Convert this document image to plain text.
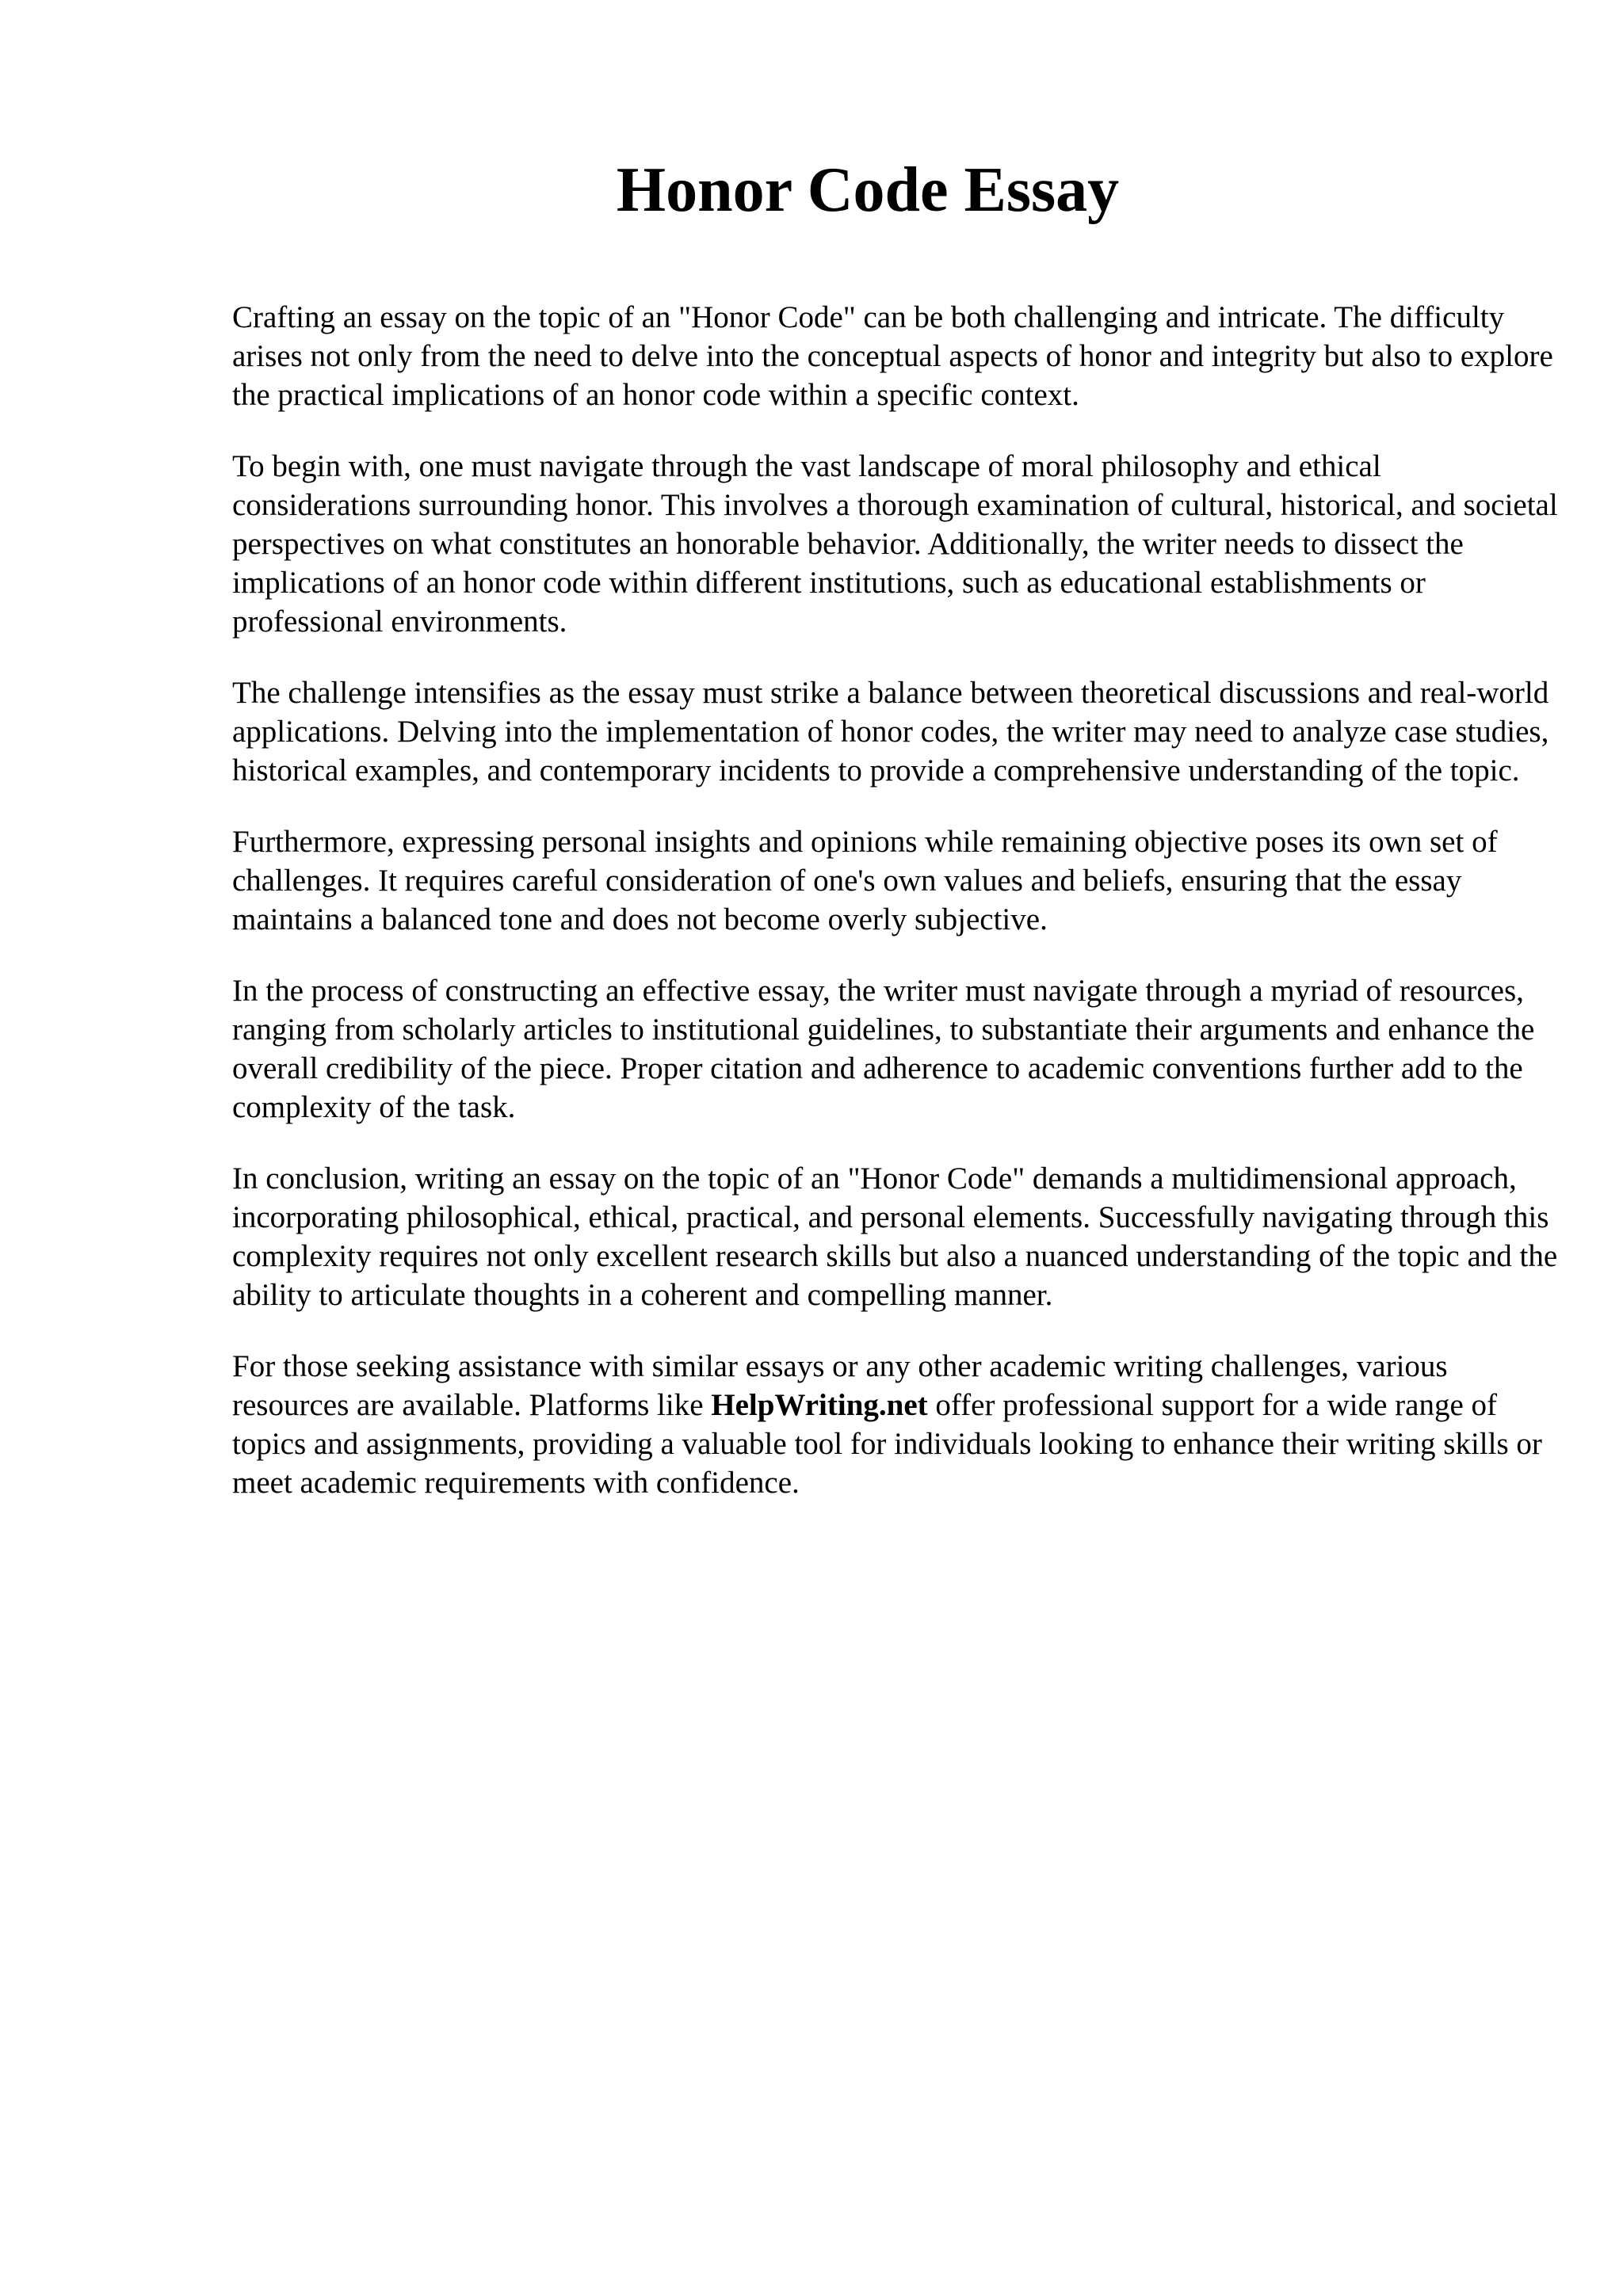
Honor Code Essay

Crafting an essay on the topic of an "Honor Code" can be both challenging and intricate. The difficulty arises not only from the need to delve into the conceptual aspects of honor and integrity but also to explore the practical implications of an honor code within a specific context.

To begin with, one must navigate through the vast landscape of moral philosophy and ethical considerations surrounding honor. This involves a thorough examination of cultural, historical, and societal perspectives on what constitutes an honorable behavior. Additionally, the writer needs to dissect the implications of an honor code within different institutions, such as educational establishments or professional environments.

The challenge intensifies as the essay must strike a balance between theoretical discussions and real-world applications. Delving into the implementation of honor codes, the writer may need to analyze case studies, historical examples, and contemporary incidents to provide a comprehensive understanding of the topic.

Furthermore, expressing personal insights and opinions while remaining objective poses its own set of challenges. It requires careful consideration of one's own values and beliefs, ensuring that the essay maintains a balanced tone and does not become overly subjective.

In the process of constructing an effective essay, the writer must navigate through a myriad of resources, ranging from scholarly articles to institutional guidelines, to substantiate their arguments and enhance the overall credibility of the piece. Proper citation and adherence to academic conventions further add to the complexity of the task.

In conclusion, writing an essay on the topic of an "Honor Code" demands a multidimensional approach, incorporating philosophical, ethical, practical, and personal elements. Successfully navigating through this complexity requires not only excellent research skills but also a nuanced understanding of the topic and the ability to articulate thoughts in a coherent and compelling manner.

For those seeking assistance with similar essays or any other academic writing challenges, various resources are available. Platforms like HelpWriting.net offer professional support for a wide range of topics and assignments, providing a valuable tool for individuals looking to enhance their writing skills or meet academic requirements with confidence.
